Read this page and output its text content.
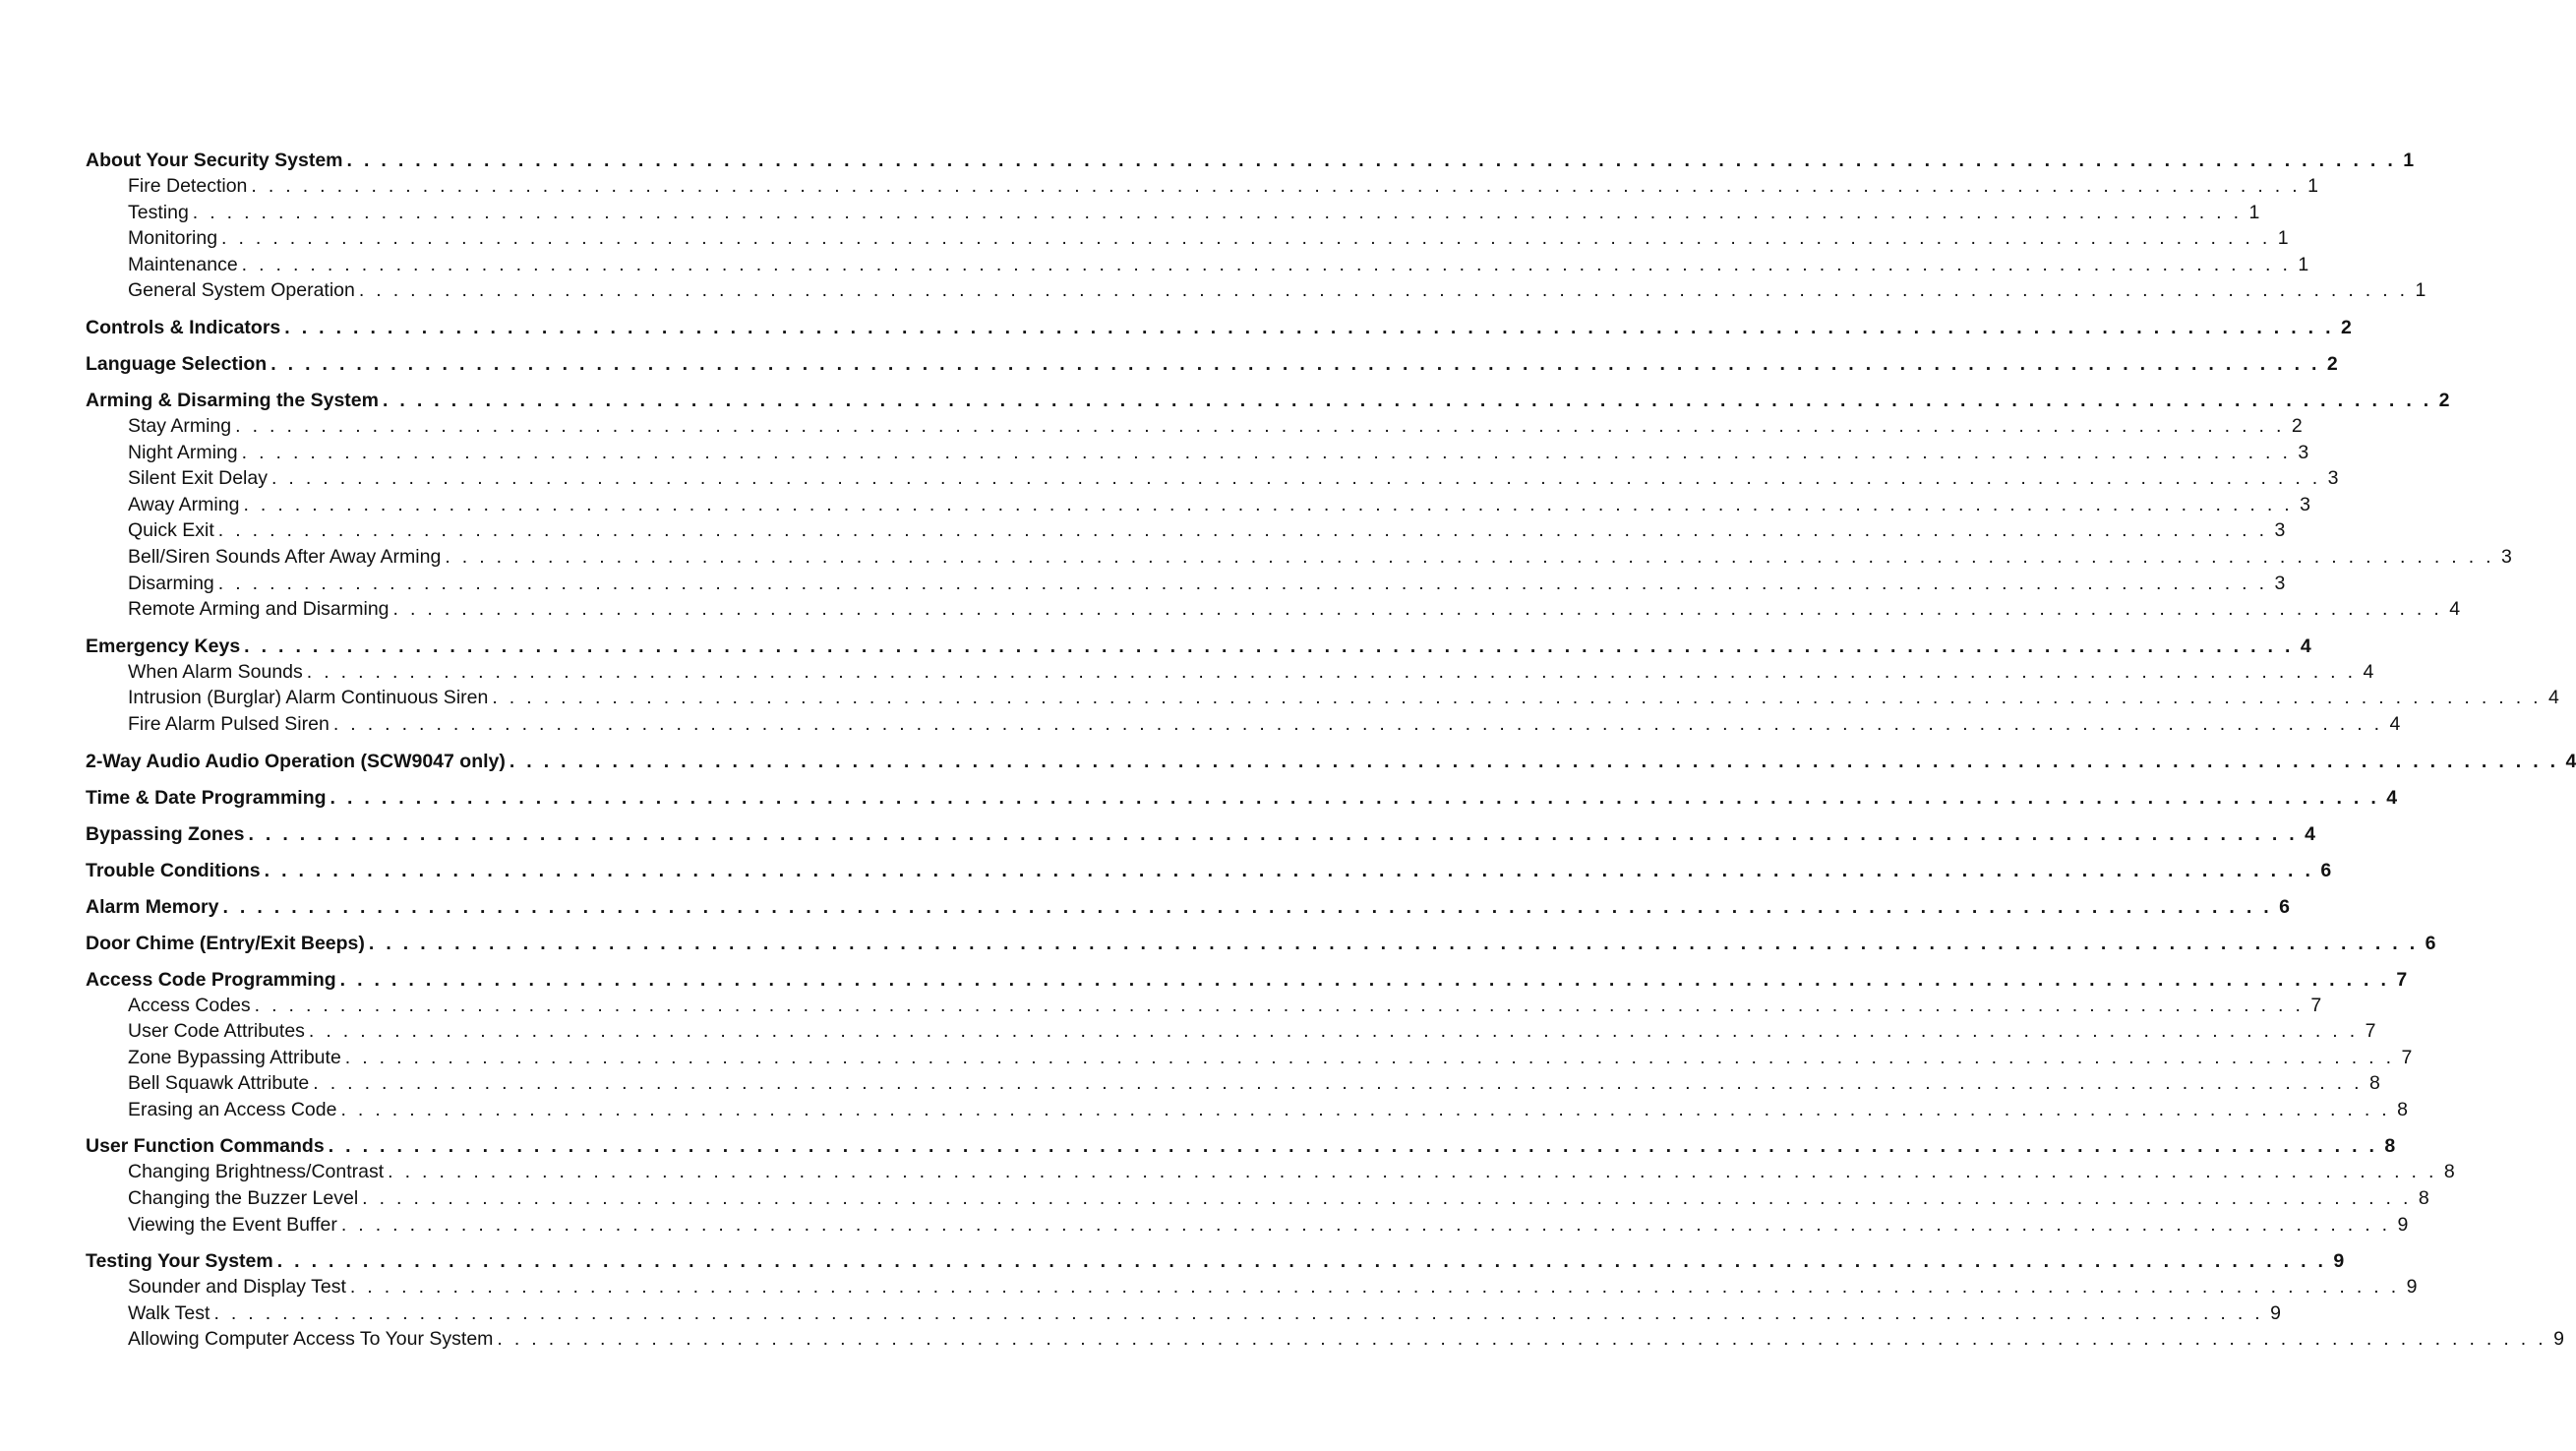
About Your Security System . . . . . . . . . . . . . . . . . . . . . . . . . . . . . . . . . . . . . . . . . . . . . . . . . . . . . . . . . . . . . . . . . . . . . . . . . . . . . . . . . . . . . . . . . . . . . . . . . . . . . . . . . . . . . . . . . . . . . . . . 1
Fire Detection . . . . . . . . . . . . . . . . . . . . . . . . . . . . . . . . . . . . . . . . . . . . . . . . . . . . . . . . . . . . . . . . . . . . . . . . . . . . . . . . . . . . . . . . . . . . . . . . . . . . . . . . . . . . . . . . . . . . . . . . 1
Testing . . . . . . . . . . . . . . . . . . . . . . . . . . . . . . . . . . . . . . . . . . . . . . . . . . . . . . . . . . . . . . . . . . . . . . . . . . . . . . . . . . . . . . . . . . . . . . . . . . . . . . . . . . . . . . . . . . . . . . . . 1
Monitoring . . . . . . . . . . . . . . . . . . . . . . . . . . . . . . . . . . . . . . . . . . . . . . . . . . . . . . . . . . . . . . . . . . . . . . . . . . . . . . . . . . . . . . . . . . . . . . . . . . . . . . . . . . . . . . . . . . . . . . . . 1
Maintenance . . . . . . . . . . . . . . . . . . . . . . . . . . . . . . . . . . . . . . . . . . . . . . . . . . . . . . . . . . . . . . . . . . . . . . . . . . . . . . . . . . . . . . . . . . . . . . . . . . . . . . . . . . . . . . . . . . . . . . . . 1
General System Operation . . . . . . . . . . . . . . . . . . . . . . . . . . . . . . . . . . . . . . . . . . . . . . . . . . . . . . . . . . . . . . . . . . . . . . . . . . . . . . . . . . . . . . . . . . . . . . . . . . . . . . . . . . . . . . . . . . . . . . . . 1
Controls & Indicators . . . . . . . . . . . . . . . . . . . . . . . . . . . . . . . . . . . . . . . . . . . . . . . . . . . . . . . . . . . . . . . . . . . . . . . . . . . . . . . . . . . . . . . . . . . . . . . . . . . . . . . . . . . . . . . . . . . . . . . . 2
Language Selection . . . . . . . . . . . . . . . . . . . . . . . . . . . . . . . . . . . . . . . . . . . . . . . . . . . . . . . . . . . . . . . . . . . . . . . . . . . . . . . . . . . . . . . . . . . . . . . . . . . . . . . . . . . . . . . . . . . . . . . . 2
Arming & Disarming the System . . . . . . . . . . . . . . . . . . . . . . . . . . . . . . . . . . . . . . . . . . . . . . . . . . . . . . . . . . . . . . . . . . . . . . . . . . . . . . . . . . . . . . . . . . . . . . . . . . . . . . . . . . . . . . . . . . . . . . . . 2
Stay Arming . . . . . . . . . . . . . . . . . . . . . . . . . . . . . . . . . . . . . . . . . . . . . . . . . . . . . . . . . . . . . . . . . . . . . . . . . . . . . . . . . . . . . . . . . . . . . . . . . . . . . . . . . . . . . . . . . . . . . . . . 2
Night Arming . . . . . . . . . . . . . . . . . . . . . . . . . . . . . . . . . . . . . . . . . . . . . . . . . . . . . . . . . . . . . . . . . . . . . . . . . . . . . . . . . . . . . . . . . . . . . . . . . . . . . . . . . . . . . . . . . . . . . . . . 3
Silent Exit Delay . . . . . . . . . . . . . . . . . . . . . . . . . . . . . . . . . . . . . . . . . . . . . . . . . . . . . . . . . . . . . . . . . . . . . . . . . . . . . . . . . . . . . . . . . . . . . . . . . . . . . . . . . . . . . . . . . . . . . . . . 3
Away Arming . . . . . . . . . . . . . . . . . . . . . . . . . . . . . . . . . . . . . . . . . . . . . . . . . . . . . . . . . . . . . . . . . . . . . . . . . . . . . . . . . . . . . . . . . . . . . . . . . . . . . . . . . . . . . . . . . . . . . . . . 3
Quick Exit . . . . . . . . . . . . . . . . . . . . . . . . . . . . . . . . . . . . . . . . . . . . . . . . . . . . . . . . . . . . . . . . . . . . . . . . . . . . . . . . . . . . . . . . . . . . . . . . . . . . . . . . . . . . . . . . . . . . . . . . 3
Bell/Siren Sounds After Away Arming . . . . . . . . . . . . . . . . . . . . . . . . . . . . . . . . . . . . . . . . . . . . . . . . . . . . . . . . . . . . . . . . . . . . . . . . . . . . . . . . . . . . . . . . . . . . . . . . . . . . . . . . . . . . . . . . . . . . . . . . 3
Disarming . . . . . . . . . . . . . . . . . . . . . . . . . . . . . . . . . . . . . . . . . . . . . . . . . . . . . . . . . . . . . . . . . . . . . . . . . . . . . . . . . . . . . . . . . . . . . . . . . . . . . . . . . . . . . . . . . . . . . . . . 3
Remote Arming and Disarming . . . . . . . . . . . . . . . . . . . . . . . . . . . . . . . . . . . . . . . . . . . . . . . . . . . . . . . . . . . . . . . . . . . . . . . . . . . . . . . . . . . . . . . . . . . . . . . . . . . . . . . . . . . . . . . . . . . . . . . . 4
Emergency Keys . . . . . . . . . . . . . . . . . . . . . . . . . . . . . . . . . . . . . . . . . . . . . . . . . . . . . . . . . . . . . . . . . . . . . . . . . . . . . . . . . . . . . . . . . . . . . . . . . . . . . . . . . . . . . . . . . . . . . . . . 4
When Alarm Sounds . . . . . . . . . . . . . . . . . . . . . . . . . . . . . . . . . . . . . . . . . . . . . . . . . . . . . . . . . . . . . . . . . . . . . . . . . . . . . . . . . . . . . . . . . . . . . . . . . . . . . . . . . . . . . . . . . . . . . . . . 4
Intrusion (Burglar) Alarm Continuous Siren . . . . . . . . . . . . . . . . . . . . . . . . . . . . . . . . . . . . . . . . . . . . . . . . . . . . . . . . . . . . . . . . . . . . . . . . . . . . . . . . . . . . . . . . . . . . . . . . . . . . . . . . . . . . . . . . . . . . . . . . 4
Fire Alarm Pulsed Siren . . . . . . . . . . . . . . . . . . . . . . . . . . . . . . . . . . . . . . . . . . . . . . . . . . . . . . . . . . . . . . . . . . . . . . . . . . . . . . . . . . . . . . . . . . . . . . . . . . . . . . . . . . . . . . . . . . . . . . . . 4
2-Way Audio Audio Operation (SCW9047 only) . . . . . . . . . . . . . . . . . . . . . . . . . . . . . . . . . . . . . . . . . . . . . . . . . . . . . . . . . . . . . . . . . . . . . . . . . . . . . . . . . . . . . . . . . . . . . . . . . . . . . . . . . . . . . . . . . . . . . . . . 4
Time & Date Programming . . . . . . . . . . . . . . . . . . . . . . . . . . . . . . . . . . . . . . . . . . . . . . . . . . . . . . . . . . . . . . . . . . . . . . . . . . . . . . . . . . . . . . . . . . . . . . . . . . . . . . . . . . . . . . . . . . . . . . . . 4
Bypassing Zones . . . . . . . . . . . . . . . . . . . . . . . . . . . . . . . . . . . . . . . . . . . . . . . . . . . . . . . . . . . . . . . . . . . . . . . . . . . . . . . . . . . . . . . . . . . . . . . . . . . . . . . . . . . . . . . . . . . . . . . . 4
Trouble Conditions . . . . . . . . . . . . . . . . . . . . . . . . . . . . . . . . . . . . . . . . . . . . . . . . . . . . . . . . . . . . . . . . . . . . . . . . . . . . . . . . . . . . . . . . . . . . . . . . . . . . . . . . . . . . . . . . . . . . . . . . 6
Alarm Memory . . . . . . . . . . . . . . . . . . . . . . . . . . . . . . . . . . . . . . . . . . . . . . . . . . . . . . . . . . . . . . . . . . . . . . . . . . . . . . . . . . . . . . . . . . . . . . . . . . . . . . . . . . . . . . . . . . . . . . . . 6
Door Chime (Entry/Exit Beeps) . . . . . . . . . . . . . . . . . . . . . . . . . . . . . . . . . . . . . . . . . . . . . . . . . . . . . . . . . . . . . . . . . . . . . . . . . . . . . . . . . . . . . . . . . . . . . . . . . . . . . . . . . . . . . . . . . . . . . . . . 6
Access Code Programming . . . . . . . . . . . . . . . . . . . . . . . . . . . . . . . . . . . . . . . . . . . . . . . . . . . . . . . . . . . . . . . . . . . . . . . . . . . . . . . . . . . . . . . . . . . . . . . . . . . . . . . . . . . . . . . . . . . . . . . . 7
Access Codes . . . . . . . . . . . . . . . . . . . . . . . . . . . . . . . . . . . . . . . . . . . . . . . . . . . . . . . . . . . . . . . . . . . . . . . . . . . . . . . . . . . . . . . . . . . . . . . . . . . . . . . . . . . . . . . . . . . . . . . . 7
User Code Attributes . . . . . . . . . . . . . . . . . . . . . . . . . . . . . . . . . . . . . . . . . . . . . . . . . . . . . . . . . . . . . . . . . . . . . . . . . . . . . . . . . . . . . . . . . . . . . . . . . . . . . . . . . . . . . . . . . . . . . . . . 7
Zone Bypassing Attribute . . . . . . . . . . . . . . . . . . . . . . . . . . . . . . . . . . . . . . . . . . . . . . . . . . . . . . . . . . . . . . . . . . . . . . . . . . . . . . . . . . . . . . . . . . . . . . . . . . . . . . . . . . . . . . . . . . . . . . . . 7
Bell Squawk Attribute . . . . . . . . . . . . . . . . . . . . . . . . . . . . . . . . . . . . . . . . . . . . . . . . . . . . . . . . . . . . . . . . . . . . . . . . . . . . . . . . . . . . . . . . . . . . . . . . . . . . . . . . . . . . . . . . . . . . . . . . 8
Erasing an Access Code . . . . . . . . . . . . . . . . . . . . . . . . . . . . . . . . . . . . . . . . . . . . . . . . . . . . . . . . . . . . . . . . . . . . . . . . . . . . . . . . . . . . . . . . . . . . . . . . . . . . . . . . . . . . . . . . . . . . . . . . 8
User Function Commands . . . . . . . . . . . . . . . . . . . . . . . . . . . . . . . . . . . . . . . . . . . . . . . . . . . . . . . . . . . . . . . . . . . . . . . . . . . . . . . . . . . . . . . . . . . . . . . . . . . . . . . . . . . . . . . . . . . . . . . . 8
Changing Brightness/Contrast . . . . . . . . . . . . . . . . . . . . . . . . . . . . . . . . . . . . . . . . . . . . . . . . . . . . . . . . . . . . . . . . . . . . . . . . . . . . . . . . . . . . . . . . . . . . . . . . . . . . . . . . . . . . . . . . . . . . . . . . 8
Changing the Buzzer Level . . . . . . . . . . . . . . . . . . . . . . . . . . . . . . . . . . . . . . . . . . . . . . . . . . . . . . . . . . . . . . . . . . . . . . . . . . . . . . . . . . . . . . . . . . . . . . . . . . . . . . . . . . . . . . . . . . . . . . . . 8
Viewing the Event Buffer . . . . . . . . . . . . . . . . . . . . . . . . . . . . . . . . . . . . . . . . . . . . . . . . . . . . . . . . . . . . . . . . . . . . . . . . . . . . . . . . . . . . . . . . . . . . . . . . . . . . . . . . . . . . . . . . . . . . . . . . 9
Testing Your System . . . . . . . . . . . . . . . . . . . . . . . . . . . . . . . . . . . . . . . . . . . . . . . . . . . . . . . . . . . . . . . . . . . . . . . . . . . . . . . . . . . . . . . . . . . . . . . . . . . . . . . . . . . . . . . . . . . . . . . . 9
Sounder and Display Test . . . . . . . . . . . . . . . . . . . . . . . . . . . . . . . . . . . . . . . . . . . . . . . . . . . . . . . . . . . . . . . . . . . . . . . . . . . . . . . . . . . . . . . . . . . . . . . . . . . . . . . . . . . . . . . . . . . . . . . . 9
Walk Test . . . . . . . . . . . . . . . . . . . . . . . . . . . . . . . . . . . . . . . . . . . . . . . . . . . . . . . . . . . . . . . . . . . . . . . . . . . . . . . . . . . . . . . . . . . . . . . . . . . . . . . . . . . . . . . . . . . . . . . . 9
Allowing Computer Access To Your System . . . . . . . . . . . . . . . . . . . . . . . . . . . . . . . . . . . . . . . . . . . . . . . . . . . . . . . . . . . . . . . . . . . . . . . . . . . . . . . . . . . . . . . . . . . . . . . . . . . . . . . . . . . . . . . . . . . . . . . . 9
